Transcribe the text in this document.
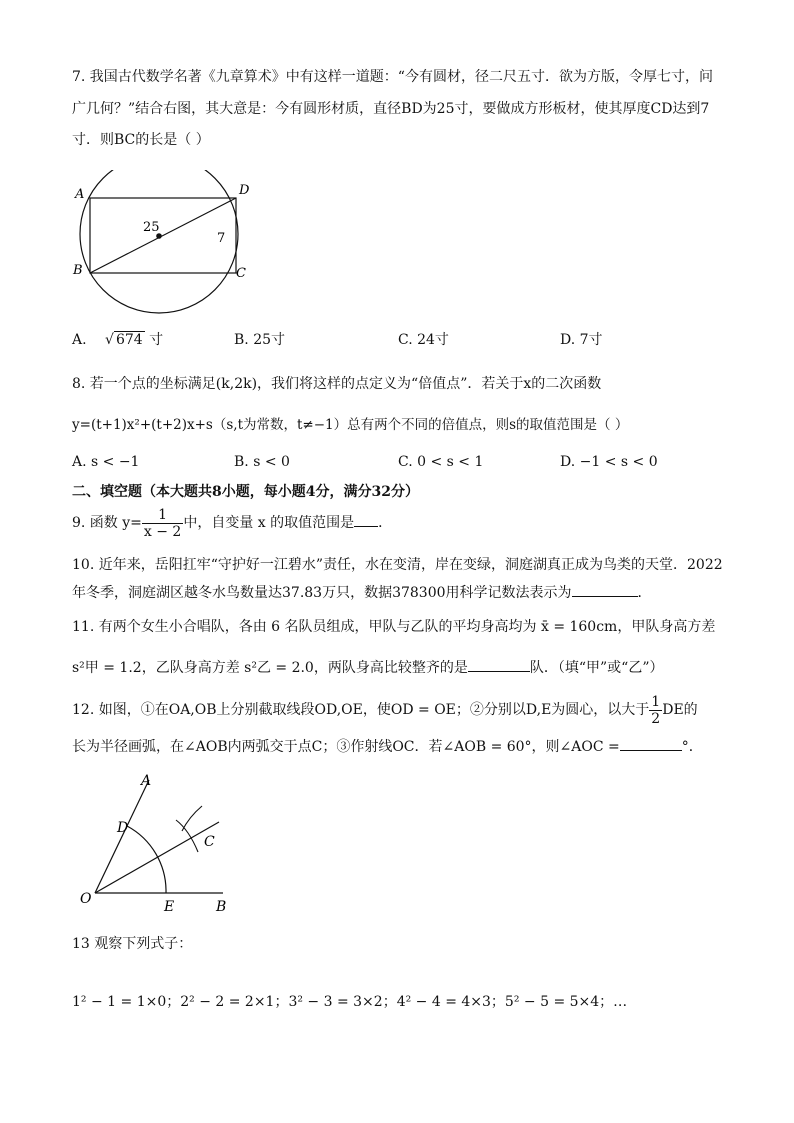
7. 我国古代数学名著《九章算术》中有这样一道题：“今有圆材，径二尺五寸．欲为方版，令厚七寸，问
广几何？”结合右图，其大意是：今有圆形材质，直径BD为25寸，要做成方形板材，使其厚度CD达到7
寸．则BC的长是（ ）
A	D
B	C
25
7
A. √ 674 寸	B. 25寸	C. 24寸	D. 7寸
8. 若一个点的坐标满足(k,2k)，我们将这样的点定义为“倍值点”．若关于x的二次函数
y=(t+1)x²+(t+2)x+s（s,t为常数，t≠−1）总有两个不同的倍值点，则s的取值范围是（ ）
A. s < −1	B. s < 0	C. 0 < s < 1	D. −1 < s < 0
二、填空题（本大题共8小题，每小题4分，满分32分）
9. 函数 $y= \frac{1}{x - 2}$ 中，自变量 x 的取值范围是 ．
10. 近年来，岳阳扛牢“守护好一江碧水”责任，水在变清，岸在变绿，洞庭湖真正成为鸟类的天堂．2022
年冬季，洞庭湖区越冬水鸟数量达37.83万只，数据378300用科学记数法表示为	．
11. 有两个女生小合唱队，各由 6 名队员组成，甲队与乙队的平均身高均为 x̄ = 160cm，甲队身高方差
s²甲 = 1.2，乙队身高方差 s²乙 = 2.0，两队身高比较整齐的是	队．（填“甲”或“乙”）
12. 如图，①在OA,OB上分别截取线段OD,OE，使OD = OE；②分别以D,E为圆心，以大于 $\frac{1}{2}$ DE的
长为半径画弧，在∠AOB内两弧交于点C；③作射线OC．若∠AOB = 60°，则∠AOC =	°．
A
D
C
O	E	B
13 观察下列式子：
1² − 1 = 1×0；2² − 2 = 2×1；3² − 3 = 3×2；4² − 4 = 4×3；5² − 5 = 5×4；…
